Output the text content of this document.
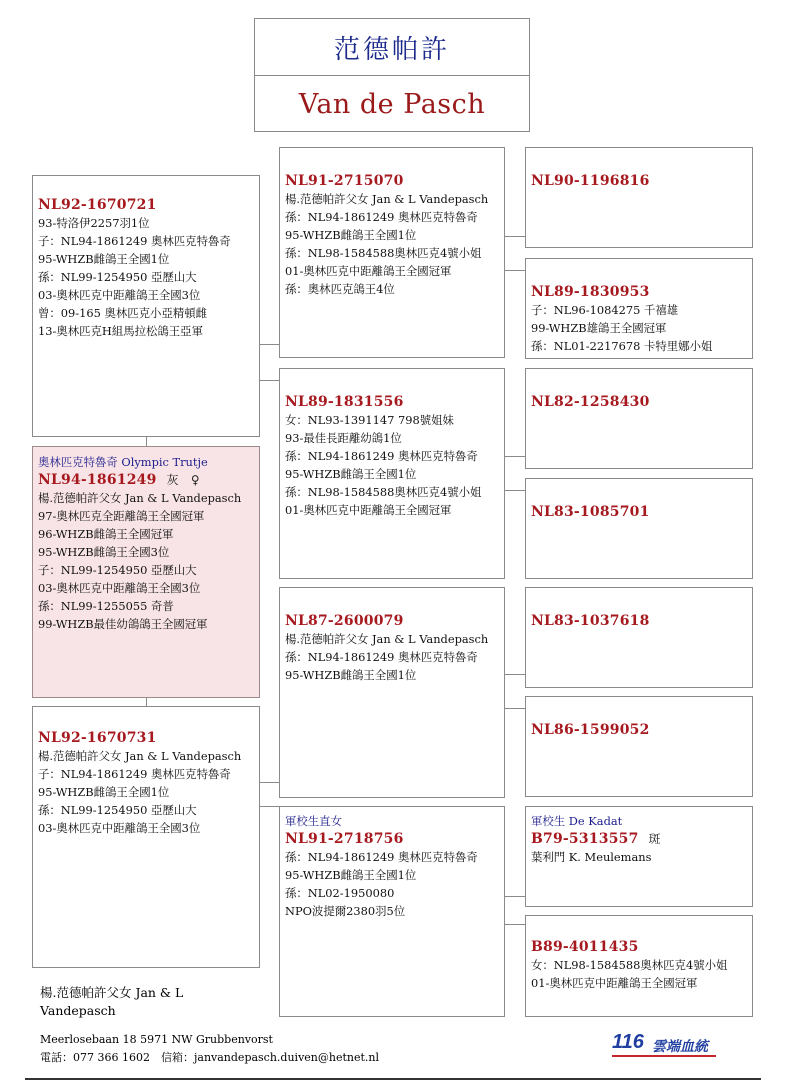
范德帕許
Van de Pasch
NL92-1670721
93-特洛伊2257羽1位
子：NL94-1861249 奧林匹克特魯奇
95-WHZB雌鴿王全國1位
孫：NL99-1254950 亞歷山大
03-奧林匹克中距離鴿王全國3位
曾：09-165 奧林匹克小亞精頓雌
13-奧林匹克H組馬拉松鴿王亞軍
奧林匹克特魯奇 Olympic Trutje
NL94-1861249 灰　♀
楊.范德帕許父女 Jan & L Vandepasch
97-奧林匹克全距離鴿王全國冠軍
96-WHZB雌鴿王全國冠軍
95-WHZB雌鴿王全國3位
子：NL99-1254950 亞歷山大
03-奧林匹克中距離鴿王全國3位
孫：NL99-1255055 奇普
99-WHZB最佳幼鴿鴿王全國冠軍
NL92-1670731
楊.范德帕許父女 Jan & L Vandepasch
子：NL94-1861249 奧林匹克特魯奇
95-WHZB雌鴿王全國1位
孫：NL99-1254950 亞歷山大
03-奧林匹克中距離鴿王全國3位
NL91-2715070
楊.范德帕許父女 Jan & L Vandepasch
孫：NL94-1861249 奧林匹克特魯奇
95-WHZB雌鴿王全國1位
孫：NL98-1584588奧林匹克4號小姐
01-奧林匹克中距離鴿王全國冠軍
孫：奧林匹克鴿王4位
NL89-1831556
女：NL93-1391147 798號姐妹
93-最佳長距離幼鴿1位
孫：NL94-1861249 奧林匹克特魯奇
95-WHZB雌鴿王全國1位
孫：NL98-1584588奧林匹克4號小姐
01-奧林匹克中距離鴿王全國冠軍
NL87-2600079
楊.范德帕許父女 Jan & L Vandepasch
孫：NL94-1861249 奧林匹克特魯奇
95-WHZB雌鴿王全國1位
軍校生直女
NL91-2718756
孫：NL94-1861249 奧林匹克特魯奇
95-WHZB雌鴿王全國1位
孫：NL02-1950080
NPO波提爾2380羽5位
NL90-1196816
NL89-1830953
子：NL96-1084275 千禧雄
99-WHZB雄鴿王全國冠軍
孫：NL01-2217678 卡特里娜小姐
NL82-1258430
NL83-1085701
NL83-1037618
NL86-1599052
軍校生 De Kadat
B79-5313557 斑
葉利門 K. Meulemans
B89-4011435
女：NL98-1584588奧林匹克4號小姐
01-奧林匹克中距離鴿王全國冠軍
楊.范德帕許父女 Jan & L Vandepasch
Meerlosebaan 18 5971 NW Grubbenvorst
電話：077 366 1602　信箱：janvandepasch.duiven@hetnet.nl
116 雲端血統
